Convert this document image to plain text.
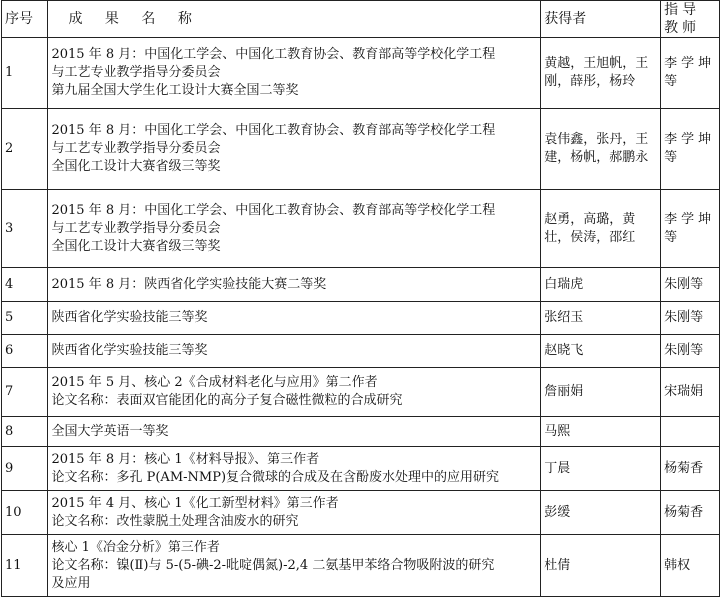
序号	成 果 名 称	获得者	指导教师
1	2015 年 8 月：中国化工学会、中国化工教育协会、教育部高等学校化学工程
与工艺专业教学指导分委员会
第九届全国大学生化工设计大赛全国二等奖	黄越，王旭帆，王刚，薛彤，杨玲	李学坤等
2	2015 年 8 月：中国化工学会、中国化工教育协会、教育部高等学校化学工程
与工艺专业教学指导分委员会
全国化工设计大赛省级三等奖	袁伟鑫，张丹，王建，杨帆，郝鹏永	李学坤等
3	2015 年 8 月：中国化工学会、中国化工教育协会、教育部高等学校化学工程
与工艺专业教学指导分委员会
全国化工设计大赛省级三等奖	赵勇，高璐，黄壮，侯涛，邵红	李学坤等
4	2015 年 8 月：陕西省化学实验技能大赛二等奖	白瑞虎	朱刚等
5	陕西省化学实验技能三等奖	张绍玉	朱刚等
6	陕西省化学实验技能三等奖	赵晓飞	朱刚等
7	2015 年 5 月、核心 2《合成材料老化与应用》第二作者
论文名称：表面双官能团化的高分子复合磁性微粒的合成研究	詹丽娟	宋瑞娟
8	全国大学英语一等奖	马熙	
9	2015 年 8 月：核心 1《材料导报》、第三作者
论文名称：多孔 P(AM-NMP)复合微球的合成及在含酚废水处理中的应用研究	丁晨	杨菊香
10	2015 年 4 月、核心 1《化工新型材料》第三作者
论文名称：改性蒙脱土处理含油废水的研究	彭缓	杨菊香
11	核心 1《冶金分析》第三作者
论文名称：镍(Ⅱ)与 5-(5-碘-2-吡啶偶氮)-2,4 二氨基甲苯络合物吸附波的研究
及应用	杜倩	韩权
